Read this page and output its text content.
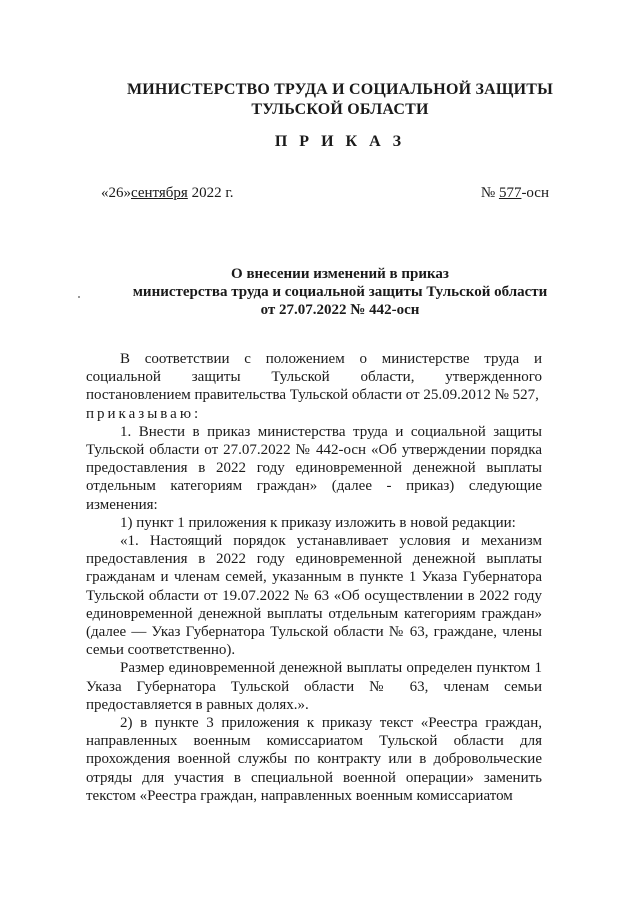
МИНИСТЕРСТВО ТРУДА И СОЦИАЛЬНОЙ ЗАЩИТЫ
ТУЛЬСКОЙ ОБЛАСТИ
П Р И К А З
«26»сентября 2022 г.	№ 577-осн
О внесении изменений в приказ
министерства труда и социальной защиты Тульской области
от 27.07.2022 № 442-осн

В соответствии с положением о министерстве труда и социальной защиты Тульской области, утвержденного постановлением правительства Тульской области от 25.09.2012 № 527,

приказываю:

1. Внести в приказ министерства труда и социальной защиты Тульской области от 27.07.2022 № 442-осн «Об утверждении порядка предоставления в 2022 году единовременной денежной выплаты отдельным категориям граждан» (далее - приказ) следующие изменения:

1) пункт 1 приложения к приказу изложить в новой редакции:

«1. Настоящий порядок устанавливает условия и механизм предоставления в 2022 году единовременной денежной выплаты гражданам и членам семей, указанным в пункте 1 Указа Губернатора Тульской области от 19.07.2022 № 63 «Об осуществлении в 2022 году единовременной денежной выплаты отдельным категориям граждан» (далее — Указ Губернатора Тульской области № 63, граждане, члены семьи соответственно).

Размер единовременной денежной выплаты определен пунктом 1 Указа Губернатора Тульской области № 63, членам семьи предоставляется в равных долях.».

2) в пункте 3 приложения к приказу текст «Реестра граждан, направленных военным комиссариатом Тульской области для прохождения военной службы по контракту или в добровольческие отряды для участия в специальной военной операции» заменить текстом «Реестра граждан, направленных военным комиссариатом
